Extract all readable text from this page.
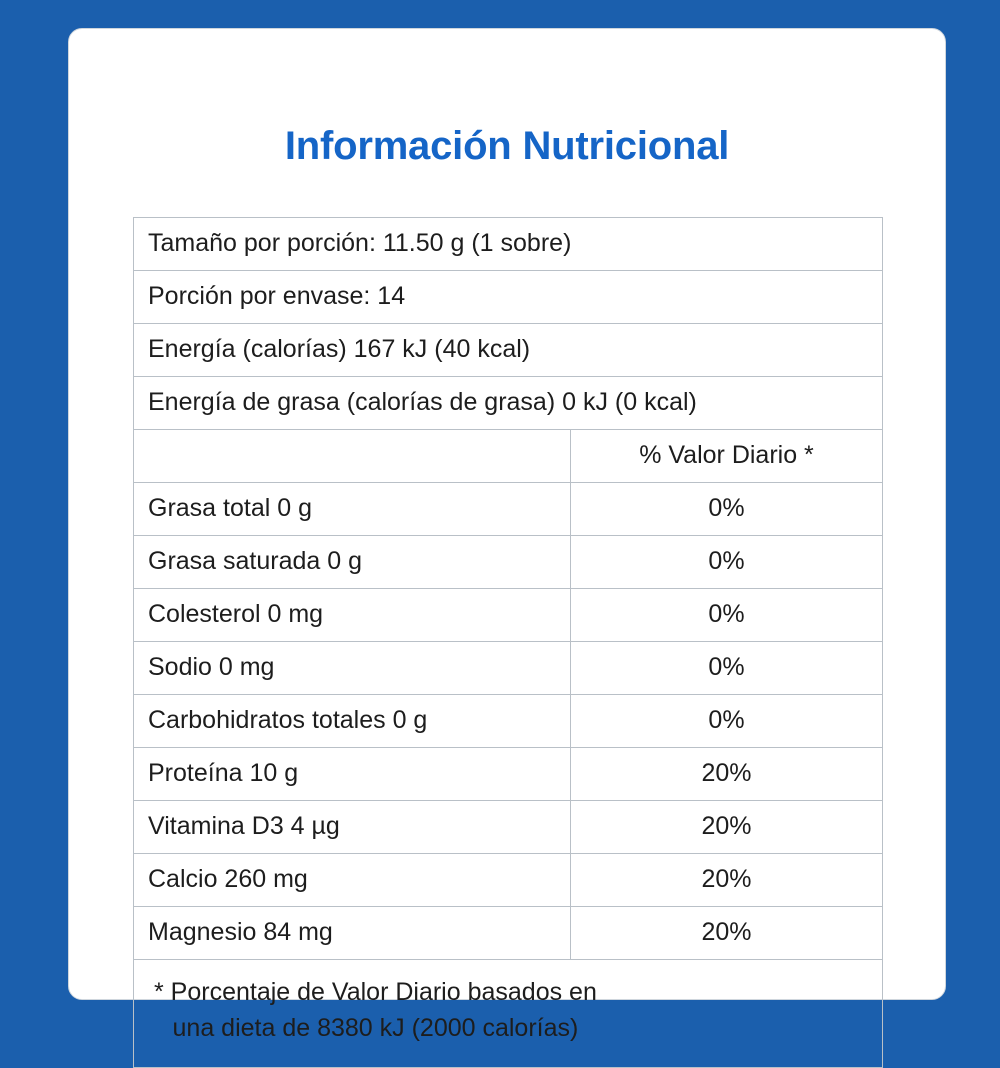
Información Nutricional
Tamaño por porción: 11.50 g (1 sobre)
Porción por envase: 14
Energía (calorías) 167 kJ (40 kcal)
Energía de grasa (calorías de grasa) 0 kJ (0 kcal)
% Valor Diario *
Grasa total 0 g	0%
Grasa saturada 0 g	0%
Colesterol 0 mg	0%
Sodio 0 mg	0%
Carbohidratos totales 0 g	0%
Proteína 10 g	20%
Vitamina D3 4 µg	20%
Calcio 260 mg	20%
Magnesio 84 mg	20%
* Porcentaje de Valor Diario basados en
una dieta de 8380 kJ (2000 calorías)
